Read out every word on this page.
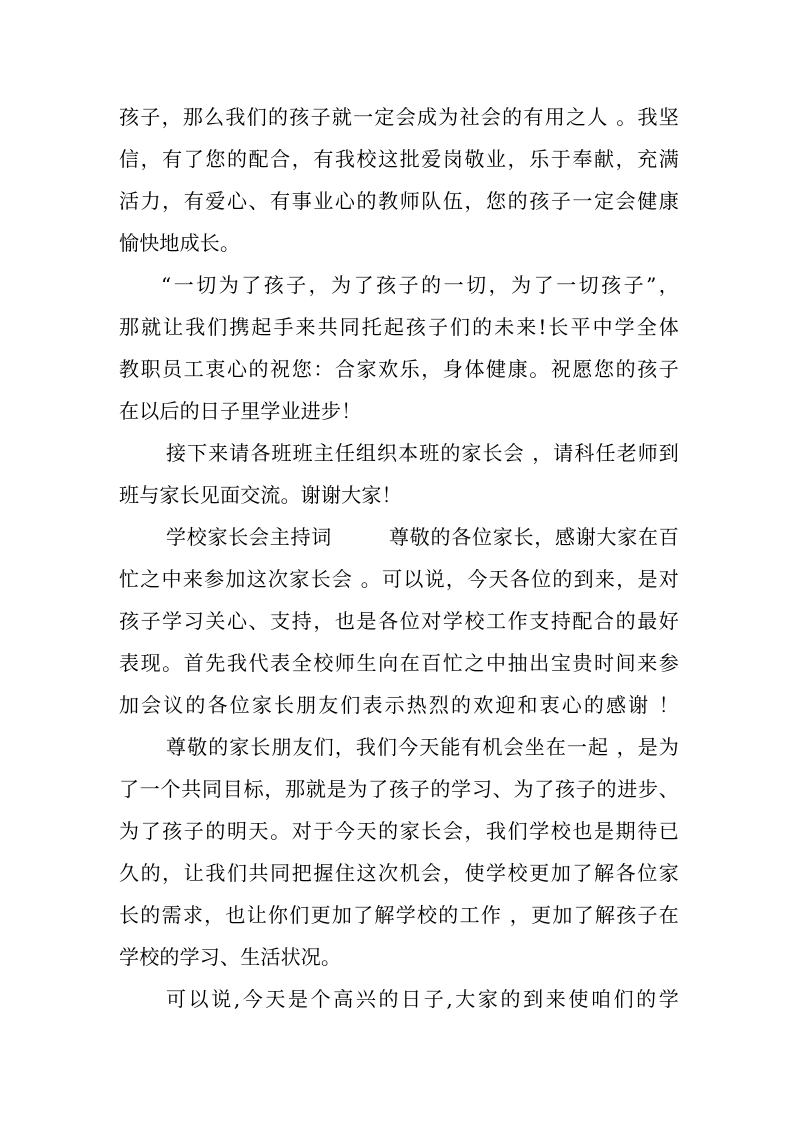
孩子，那么我们的孩子就一定会成为社会的有用之人 。我坚
信，有了您的配合，有我校这批爱岗敬业，乐于奉献，充满
活力，有爱心、有事业心的教师队伍，您的孩子一定会健康
愉快地成长。
“一切为了孩子，为了孩子的一切，为了一切孩子”，
那就让我们携起手来共同托起孩子们的未来!长平中学全体
教职员工衷心的祝您：合家欢乐，身体健康。祝愿您的孩子
在以后的日子里学业进步！
接下来请各班班主任组织本班的家长会 ，请科任老师到
班与家长见面交流。谢谢大家！
学校家长会主持词        尊敬的各位家长，感谢大家在百
忙之中来参加这次家长会 。可以说，今天各位的到来，是对
孩子学习关心、支持，也是各位对学校工作支持配合的最好
表现。首先我代表全校师生向在百忙之中抽出宝贵时间来参
加会议的各位家长朋友们表示热烈的欢迎和衷心的感谢 ！
尊敬的家长朋友们，我们今天能有机会坐在一起 ，是为
了一个共同目标，那就是为了孩子的学习、为了孩子的进步、
为了孩子的明天。对于今天的家长会，我们学校也是期待已
久的，让我们共同把握住这次机会，使学校更加了解各位家
长的需求，也让你们更加了解学校的工作 ，更加了解孩子在
学校的学习、生活状况。
可以说,今天是个高兴的日子,大家的到来使咱们的学
